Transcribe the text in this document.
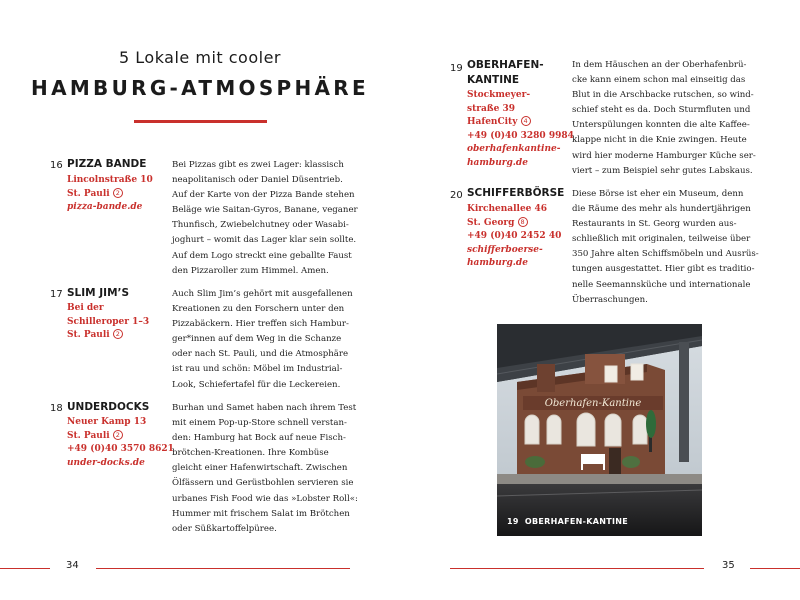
5 Lokale mit cooler
HAMBURG-ATMOSPHÄRE
16 PIZZA BANDE
Lincolnstraße 10
St. Pauli 2
pizza-bande.de
Bei Pizzas gibt es zwei Lager: klassisch
neapolitanisch oder Daniel Düsentrieb.
Auf der Karte von der Pizza Bande stehen
Beläge wie Saitan-Gyros, Banane, veganer
Thunfisch, Zwiebelchutney oder Wasabi-
joghurt – womit das Lager klar sein sollte.
Auf dem Logo streckt eine geballte Faust
den Pizzaroller zum Himmel. Amen.
17 SLIM JIM’S
Bei der
Schilleroper 1–3
St. Pauli 2
Auch Slim Jim’s gehört mit ausgefallenen
Kreationen zu den Forschern unter den
Pizzabäckern. Hier treffen sich Hambur-
ger*innen auf dem Weg in die Schanze
oder nach St. Pauli, und die Atmosphäre
ist rau und schön: Möbel im Industrial-
Look, Schiefertafel für die Leckereien.
18 UNDERDOCKS
Neuer Kamp 13
St. Pauli 2
+49 (0)40 3570 8621
under-docks.de
Burhan und Samet haben nach ihrem Test
mit einem Pop-up-Store schnell verstan-
den: Hamburg hat Bock auf neue Fisch-
brötchen-Kreationen. Ihre Kombüse
gleicht einer Hafenwirtschaft. Zwischen
Ölfässern und Gerüstbohlen servieren sie
urbanes Fish Food wie das »Lobster Roll«:
Hummer mit frischem Salat im Brötchen
oder Süßkartoffelpüree.
34
19 OBERHAFEN-
KANTINE
Stockmeyer-
straße 39
HafenCity 4
+49 (0)40 3280 9984
oberhafenkantine-
hamburg.de
In dem Häuschen an der Oberhafenbrü-
cke kann einem schon mal einseitig das
Blut in die Arschbacke rutschen, so wind-
schief steht es da. Doch Sturmfluten und
Unterspülungen konnten die alte Kaffee-
klappe nicht in die Knie zwingen. Heute
wird hier moderne Hamburger Küche ser-
viert – zum Beispiel sehr gutes Labskaus.
20 SCHIFFERBÖRSE
Kirchenallee 46
St. Georg 8
+49 (0)40 2452 40
schifferboerse-
hamburg.de
Diese Börse ist eher ein Museum, denn
die Räume des mehr als hundertjährigen
Restaurants in St. Georg wurden aus-
schließlich mit originalen, teilweise über
350 Jahre alten Schiffsmöbeln und Ausrüs-
tungen ausgestattet. Hier gibt es traditio-
nelle Seemannsküche und internationale
Überraschungen.
Oberhafen-Kantine
19 OBERHAFEN-KANTINE
35
